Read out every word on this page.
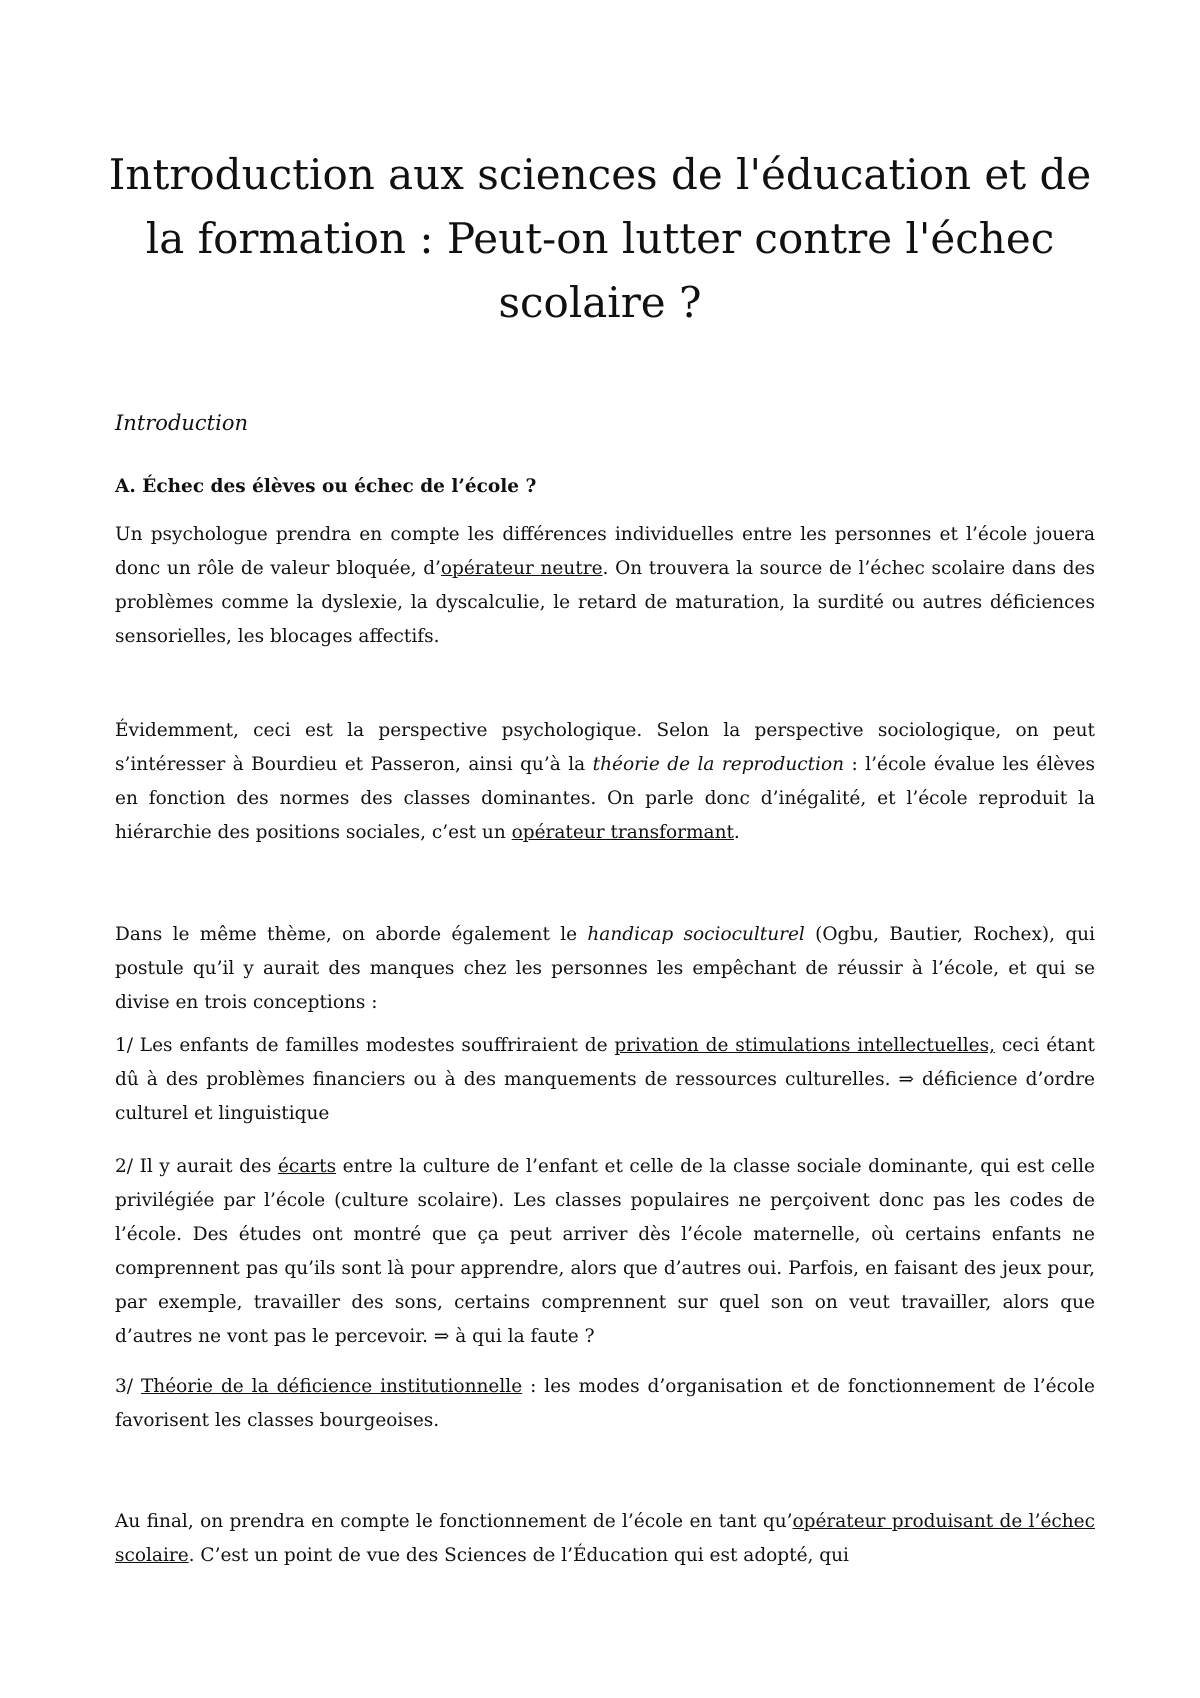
Introduction aux sciences de l'éducation et de la formation : Peut-on lutter contre l'échec scolaire ?

Introduction

A. Échec des élèves ou échec de l’école ?

Un psychologue prendra en compte les différences individuelles entre les personnes et l’école jouera donc un rôle de valeur bloquée, d’opérateur neutre. On trouvera la source de l’échec scolaire dans des problèmes comme la dyslexie, la dyscalculie, le retard de maturation, la surdité ou autres déficiences sensorielles, les blocages affectifs.

Évidemment, ceci est la perspective psychologique. Selon la perspective sociologique, on peut s’intéresser à Bourdieu et Passeron, ainsi qu’à la théorie de la reproduction : l’école évalue les élèves en fonction des normes des classes dominantes. On parle donc d’inégalité, et l’école reproduit la hiérarchie des positions sociales, c’est un opérateur transformant.

Dans le même thème, on aborde également le handicap socioculturel (Ogbu, Bautier, Rochex), qui postule qu’il y aurait des manques chez les personnes les empêchant de réussir à l’école, et qui se divise en trois conceptions :

1/ Les enfants de familles modestes souffriraient de privation de stimulations intellectuelles, ceci étant dû à des problèmes financiers ou à des manquements de ressources culturelles. ⇒ déficience d’ordre culturel et linguistique

2/ Il y aurait des écarts entre la culture de l’enfant et celle de la classe sociale dominante, qui est celle privilégiée par l’école (culture scolaire). Les classes populaires ne perçoivent donc pas les codes de l’école. Des études ont montré que ça peut arriver dès l’école maternelle, où certains enfants ne comprennent pas qu’ils sont là pour apprendre, alors que d’autres oui. Parfois, en faisant des jeux pour, par exemple, travailler des sons, certains comprennent sur quel son on veut travailler, alors que d’autres ne vont pas le percevoir. ⇒ à qui la faute ?

3/ Théorie de la déficience institutionnelle : les modes d’organisation et de fonctionnement de l’école favorisent les classes bourgeoises.

Au final, on prendra en compte le fonctionnement de l’école en tant qu’opérateur produisant de l’échec scolaire. C’est un point de vue des Sciences de l’Éducation qui est adopté, qui
